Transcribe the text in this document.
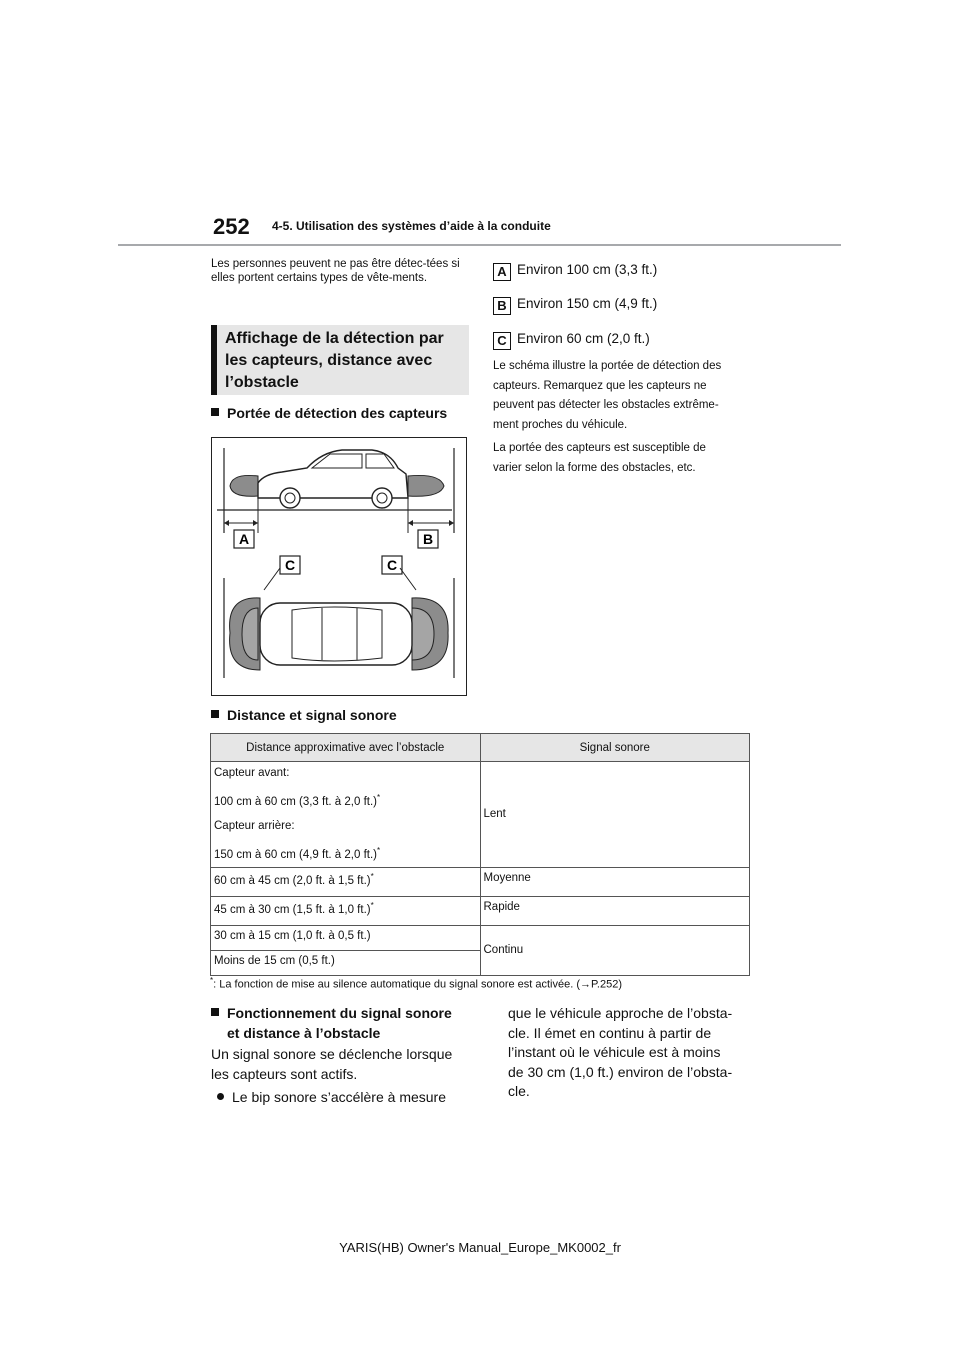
252 4-5. Utilisation des systèmes d’aide à la conduite
Les personnes peuvent ne pas être détec-tées si elles portent certains types de vête-ments.
Affichage de la détection par
les capteurs, distance avec
l’obstacle
Portée de détection des capteurs
A	B
C	C
Distance et signal sonore
A Environ 100 cm (3,3 ft.)
B Environ 150 cm (4,9 ft.)
C Environ 60 cm (2,0 ft.)
Le schéma illustre la portée de détection des
capteurs. Remarquez que les capteurs ne
peuvent pas détecter les obstacles extrême-
ment proches du véhicule.
La portée des capteurs est susceptible de
varier selon la forme des obstacles, etc.
Distance approximative avec l’obstacle	Signal sonore

Capteur avant:
100 cm à 60 cm (3,3 ft. à 2,0 ft.)*
Capteur arrière:
150 cm à 60 cm (4,9 ft. à 2,0 ft.)*	Lent
60 cm à 45 cm (2,0 ft. à 1,5 ft.)*	Moyenne
45 cm à 30 cm (1,5 ft. à 1,0 ft.)*	Rapide
30 cm à 15 cm (1,0 ft. à 0,5 ft.)	Continu
Moins de 15 cm (0,5 ft.)	
*: La fonction de mise au silence automatique du signal sonore est activée. (→P.252)
Fonctionnement du signal sonore
et distance à l’obstacle
Un signal sonore se déclenche lorsque
les capteurs sont actifs.
Le bip sonore s’accélère à mesure
que le véhicule approche de l’obsta-
cle. Il émet en continu à partir de
l’instant où le véhicule est à moins
de 30 cm (1,0 ft.) environ de l’obsta-
cle.
YARIS(HB) Owner's Manual_Europe_MK0002_fr
